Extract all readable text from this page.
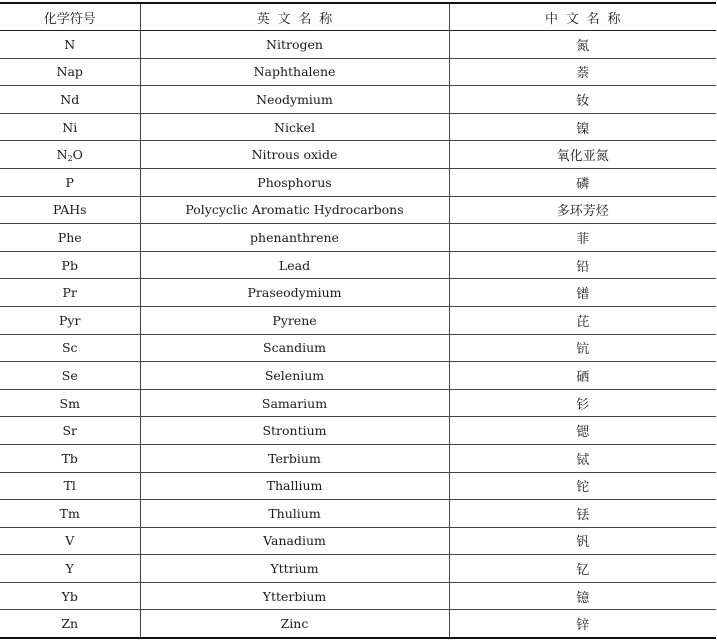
化学符号	英文名称	中文名称
N	Nitrogen	氮
Nap	Naphthalene	萘
Nd	Neodymium	钕
Ni	Nickel	镍
$N_2O$	Nitrous oxide	氧化亚氮
P	Phosphorus	磷
PAHs	Polycyclic Aromatic Hydrocarbons	多环芳烃
Phe	phenanthrene	菲
Pb	Lead	铅
Pr	Praseodymium	镨
Pyr	Pyrene	芘
Sc	Scandium	钪
Se	Selenium	硒
Sm	Samarium	钐
Sr	Strontium	锶
Tb	Terbium	铽
Tl	Thallium	铊
Tm	Thulium	铥
V	Vanadium	钒
Y	Yttrium	钇
Yb	Ytterbium	镱
Zn	Zinc	锌
